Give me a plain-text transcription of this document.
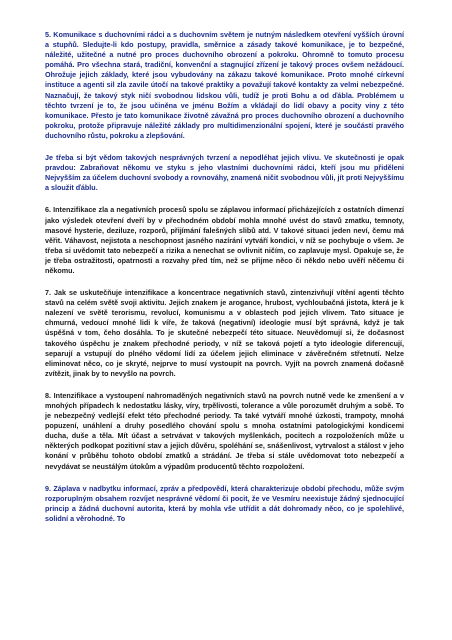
5. Komunikace s duchovními rádci a s duchovním světem je nutným následkem otevření vyšších úrovní a stupňů. Sledujte-li kdo postupy, pravidla, směrnice a zásady takové komunikace, je to bezpečné, náležité, užitečné a nutné pro proces duchovního obrození a pokroku. Ohromně to tomuto procesu pomáhá. Pro všechna stará, tradiční, konvenční a stagnující zřízení je takový proces ovšem nežádoucí. Ohrožuje jejich základy, které jsou vybudovány na zákazu takové komunikace. Proto mnohé církevní instituce a agenti sil zla zavile útočí na takové praktiky a považují takové kontakty za velmi nebezpečné. Naznačují, že takový styk ničí svobodnou lidskou vůli, tudíž je proti Bohu a od ďábla. Problémem u těchto tvrzení je to, že jsou učiněna ve jménu Božím a vkládají do lidí obavy a pocity viny z této komunikace. Přesto je tato komunikace životně závažná pro proces duchovního obrození a duchovního pokroku, protože připravuje náležité základy pro multidimenzionální spojení, které je součástí pravého duchovního růstu, pokroku a zlepšování.

Je třeba si být vědom takových nesprávných tvrzení a nepodléhat jejich vlivu. Ve skutečnosti je opak pravdou: Zabraňovat někomu ve styku s jeho vlastními duchovními rádci, kteří jsou mu přiděleni Nejvyšším za účelem duchovní svobody a rovnováhy, znamená ničit svobodnou vůli, jít proti Nejvyššímu a sloužit ďáblu.

6. Intenzifikace zla a negativních procesů spolu se záplavou informací přicházejících z ostatních dimenzí jako výsledek otevření dveří by v přechodném období mohla mnohé uvést do stavů zmatku, temnoty, masové hysterie, deziluze, rozporů, přijímání falešných slibů atd. V takové situaci jeden neví, čemu má věřit. Váhavost, nejistota a neschopnost jasného nazírání vytváří kondici, v níž se pochybuje o všem. Je třeba si uvědomit tato nebezpečí a rizika a nenechat se ovlivnit ničím, co zaplavuje mysl. Opakuje se, že je třeba ostražitosti, opatrnosti a rozvahy před tím, než se přijme něco či někdo nebo uvěří něčemu či někomu.

7. Jak se uskutečňuje intenzifikace a koncentrace negativních stavů, zintenzivňují vítění agenti těchto stavů na celém světě svoji aktivitu. Jejich znakem je arogance, hrubost, vychloubačná jistota, která je k nalezení ve světě terorismu, revolucí, komunismu a v oblastech pod jejich vlivem. Tato situace je chmurná, vedoucí mnohé lidi k víře, že taková (negativní) ideologie musí být správná, když je tak úspěšná v tom, čeho dosáhla. To je skutečné nebezpečí této situace. Neuvědomují si, že dočasnost takového úspěchu je znakem přechodné periody, v níž se taková pojetí a tyto ideologie diferencují, separují a vstupují do plného vědomí lidí za účelem jejich eliminace v závěrečném střetnutí. Nelze eliminovat něco, co je skryté, nejprve to musí vystoupit na povrch. Vyjít na povrch znamená dočasně zvítězit, jinak by to nevyšlo na povrch.

8. Intenzifikace a vystoupení nahromaděných negativních stavů na povrch nutně vede ke zmenšení a v mnohých případech k nedostatku lásky, víry, trpělivosti, tolerance a vůle porozumět druhým a sobě. To je nebezpečný vedlejší efekt této přechodné periody. Ta také vytváří mnohé úzkosti, trampoty, mnohá popuzení, unáhlení a druhy posedlého chování spolu s mnoha ostatními patologickými kondicemi ducha, duše a těla. Mít účast a setrvávat v takových myšlenkách, pocitech a rozpoloženích může u některých podkopat pozitivní stav a jejich důvěru, spoléhání se, snášenlivost, vytrvalost a stálost v jeho konání v průběhu tohoto období zmatků a strádání. Je třeba si stále uvědomovat toto nebezpečí a nevydávat se neustálým útokům a výpadům producentů těchto rozpoložení.

9. Záplava v nadbytku informací, zpráv a předpovědí, která charakterizuje období přechodu, může svým rozporuplným obsahem rozvíjet nesprávné vědomí či pocit, že ve Vesmíru neexistuje žádný sjednocující princip a žádná duchovní autorita, která by mohla vše utřídit a dát dohromady něco, co je spolehlivé, solidní a věrohodné. To
